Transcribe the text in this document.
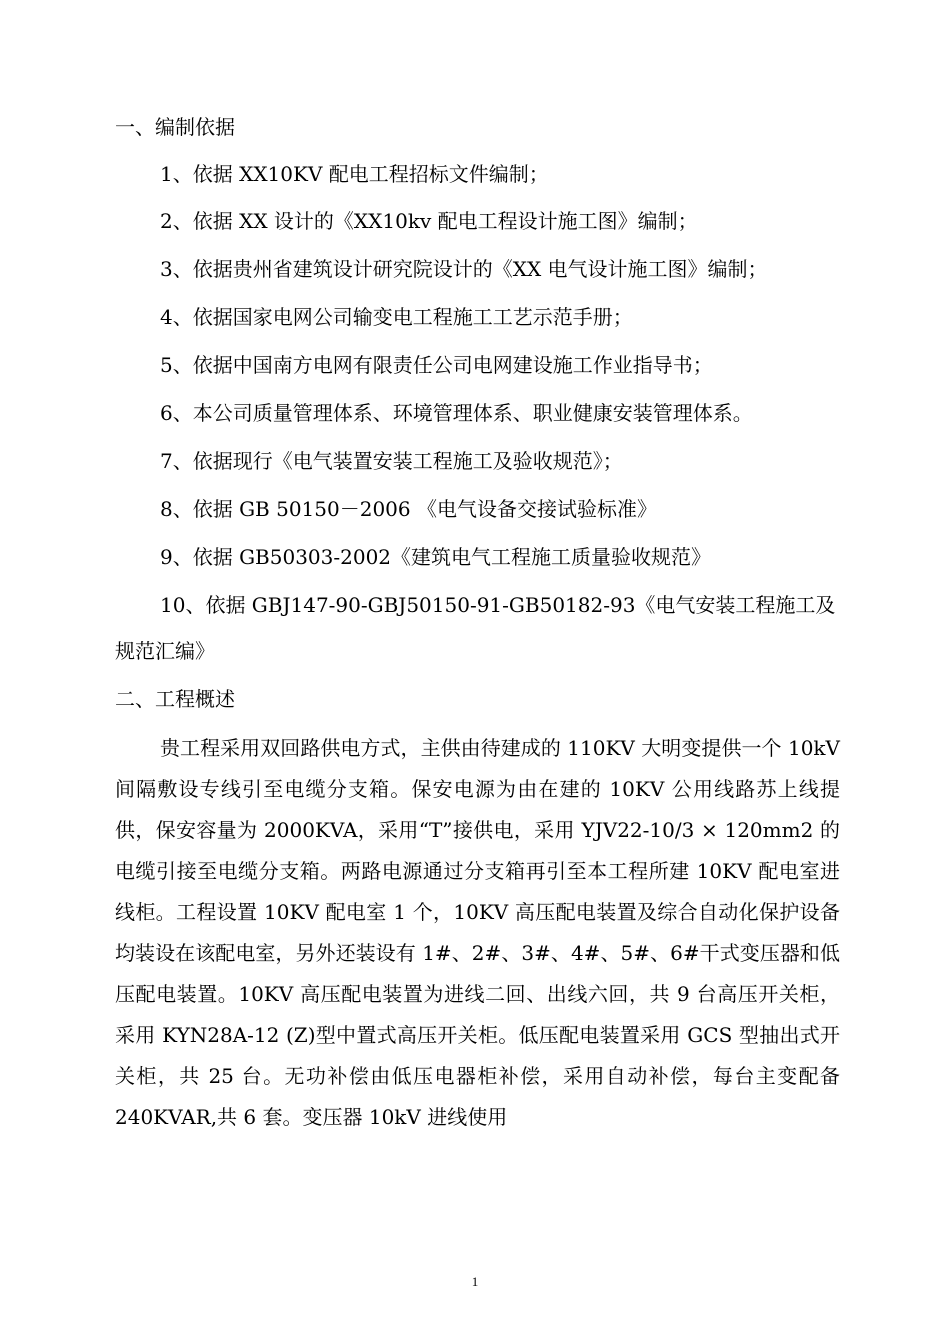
一、编制依据
1、依据 XX10KV 配电工程招标文件编制；
2、依据 XX 设计的《XX10kv 配电工程设计施工图》编制；
3、依据贵州省建筑设计研究院设计的《XX 电气设计施工图》编制；
4、依据国家电网公司输变电工程施工工艺示范手册；
5、依据中国南方电网有限责任公司电网建设施工作业指导书；
6、本公司质量管理体系、环境管理体系、职业健康安装管理体系。
7、依据现行《电气装置安装工程施工及验收规范》；
8、依据 GB 50150－2006 《电气设备交接试验标准》
9、依据 GB50303-2002《建筑电气工程施工质量验收规范》
10、依据 GBJ147-90-GBJ50150-91-GB50182-93《电气安装工程施工及
规范汇编》
二、工程概述
贵工程采用双回路供电方式，主供由待建成的 110KV 大明变提供一个 10kV 间隔敷设专线引至电缆分支箱。保安电源为由在建的 10KV 公用线路苏上线提供，保安容量为 2000KVA，采用“T”接供电，采用 YJV22-10/3 × 120mm2 的电缆引接至电缆分支箱。两路电源通过分支箱再引至本工程所建 10KV 配电室进线柜。工程设置 10KV 配电室 1 个，10KV 高压配电装置及综合自动化保护设备均装设在该配电室，另外还装设有 1#、2#、3#、4#、5#、6#干式变压器和低压配电装置。10KV 高压配电装置为进线二回、出线六回，共 9 台高压开关柜，采用 KYN28A-12 (Z)型中置式高压开关柜。低压配电装置采用 GCS 型抽出式开关柜，共 25 台。无功补偿由低压电器柜补偿，采用自动补偿，每台主变配备 240KVAR,共 6 套。变压器 10kV 进线使用
1
